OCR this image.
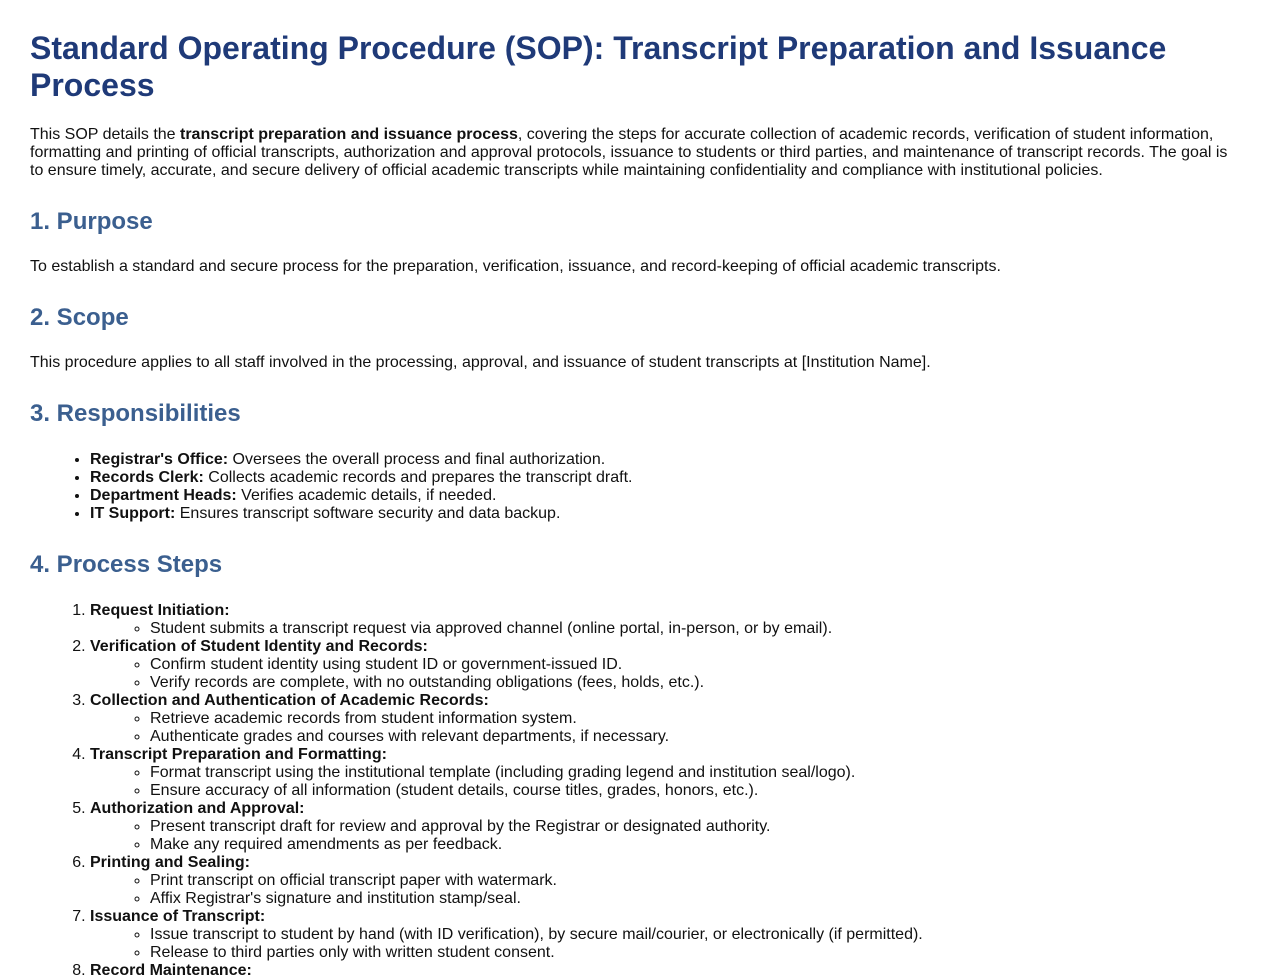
Standard Operating Procedure (SOP): Transcript Preparation and Issuance Process

This SOP details the transcript preparation and issuance process, covering the steps for accurate collection of academic records, verification of student information, formatting and printing of official transcripts, authorization and approval protocols, issuance to students or third parties, and maintenance of transcript records. The goal is to ensure timely, accurate, and secure delivery of official academic transcripts while maintaining confidentiality and compliance with institutional policies.

1. Purpose

To establish a standard and secure process for the preparation, verification, issuance, and record-keeping of official academic transcripts.

2. Scope

This procedure applies to all staff involved in the processing, approval, and issuance of student transcripts at [Institution Name].

3. Responsibilities
• Registrar's Office: Oversees the overall process and final authorization.
• Records Clerk: Collects academic records and prepares the transcript draft.
• Department Heads: Verifies academic details, if needed.
• IT Support: Ensures transcript software security and data backup.
4. Process Steps
1. Request Initiation:
◦ Student submits a transcript request via approved channel (online portal, in-person, or by email).
2. Verification of Student Identity and Records:
◦ Confirm student identity using student ID or government-issued ID.
◦ Verify records are complete, with no outstanding obligations (fees, holds, etc.).
3. Collection and Authentication of Academic Records:
◦ Retrieve academic records from student information system.
◦ Authenticate grades and courses with relevant departments, if necessary.
4. Transcript Preparation and Formatting:
◦ Format transcript using the institutional template (including grading legend and institution seal/logo).
◦ Ensure accuracy of all information (student details, course titles, grades, honors, etc.).
5. Authorization and Approval:
◦ Present transcript draft for review and approval by the Registrar or designated authority.
◦ Make any required amendments as per feedback.
6. Printing and Sealing:
◦ Print transcript on official transcript paper with watermark.
◦ Affix Registrar's signature and institution stamp/seal.
7. Issuance of Transcript:
◦ Issue transcript to student by hand (with ID verification), by secure mail/courier, or electronically (if permitted).
◦ Release to third parties only with written student consent.
8. Record Maintenance:
